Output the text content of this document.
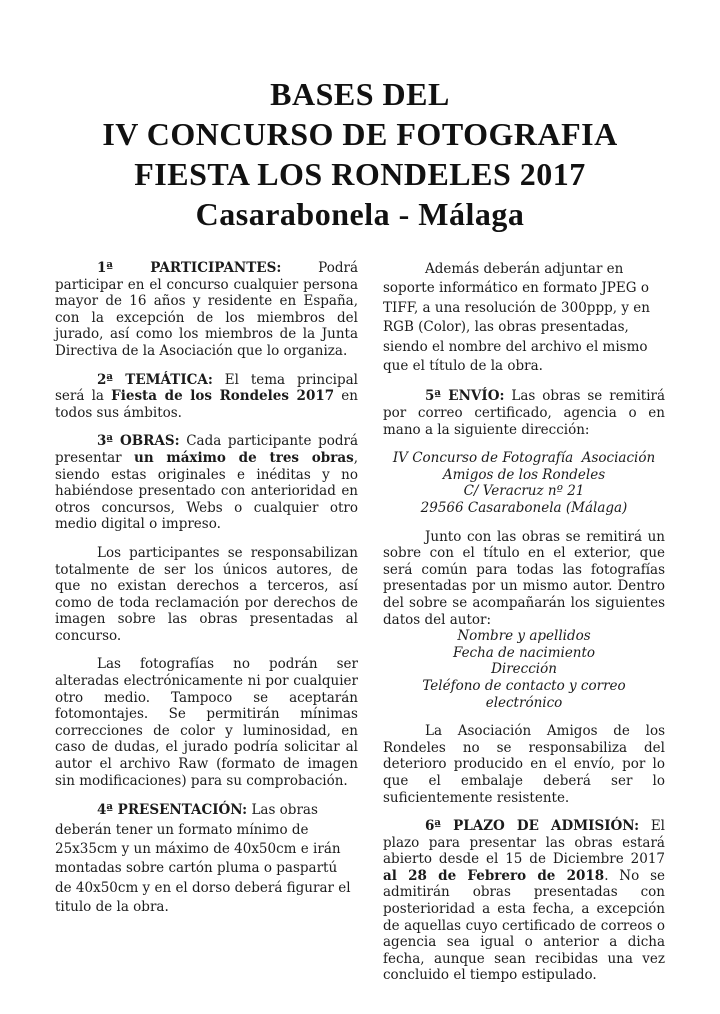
BASES DEL
IV CONCURSO DE FOTOGRAFIA
FIESTA LOS RONDELES 2017
Casarabonela - Málaga

1ª PARTICIPANTES: Podrá participar en el concurso cualquier persona mayor de 16 años y residente en España, con la excepción de los miembros del jurado, así como los miembros de la Junta Directiva de la Asociación que lo organiza.

2ª TEMÁTICA: El tema principal será la Fiesta de los Rondeles 2017 en todos sus ámbitos.

3ª OBRAS: Cada participante podrá presentar un máximo de tres obras, siendo estas originales e inéditas y no habiéndose presentado con anterioridad en otros concursos, Webs o cualquier otro medio digital o impreso.

Los participantes se responsabilizan totalmente de ser los únicos autores, de que no existan derechos a terceros, así como de toda reclamación por derechos de imagen sobre las obras presentadas al concurso.

Las fotografías no podrán ser alteradas electrónicamente ni por cualquier otro medio. Tampoco se aceptarán fotomontajes. Se permitirán mínimas correcciones de color y luminosidad, en caso de dudas, el jurado podría solicitar al autor el archivo Raw (formato de imagen sin modificaciones) para su comprobación.

4ª PRESENTACIÓN: Las obras deberán tener un formato mínimo de 25x35cm y un máximo de 40x50cm e irán montadas sobre cartón pluma o paspartú de 40x50cm y en el dorso deberá figurar el titulo de la obra.

Además deberán adjuntar en soporte informático en formato JPEG o TIFF, a una resolución de 300ppp, y en RGB (Color), las obras presentadas, siendo el nombre del archivo el mismo que el título de la obra.

5ª ENVÍO: Las obras se remitirá por correo certificado, agencia o en mano a la siguiente dirección:

IV Concurso de Fotografía  Asociación
Amigos de los Rondeles
C/ Veracruz nº 21
29566 Casarabonela (Málaga)

Junto con las obras se remitirá un sobre con el título en el exterior, que será común para todas las fotografías presentadas por un mismo autor. Dentro del sobre se acompañarán los siguientes datos del autor:

Nombre y apellidos
Fecha de nacimiento
Dirección
Teléfono de contacto y correo electrónico

La Asociación Amigos de los Rondeles no se responsabiliza del deterioro producido en el envío, por lo que el embalaje deberá ser lo suficientemente resistente.

6ª PLAZO DE ADMISIÓN: El plazo para presentar las obras estará abierto desde el 15 de Diciembre 2017 al 28 de Febrero de 2018. No se admitirán obras presentadas con posterioridad a esta fecha, a excepción de aquellas cuyo certificado de correos o agencia sea igual o anterior a dicha fecha, aunque sean recibidas una vez concluido el tiempo estipulado.
